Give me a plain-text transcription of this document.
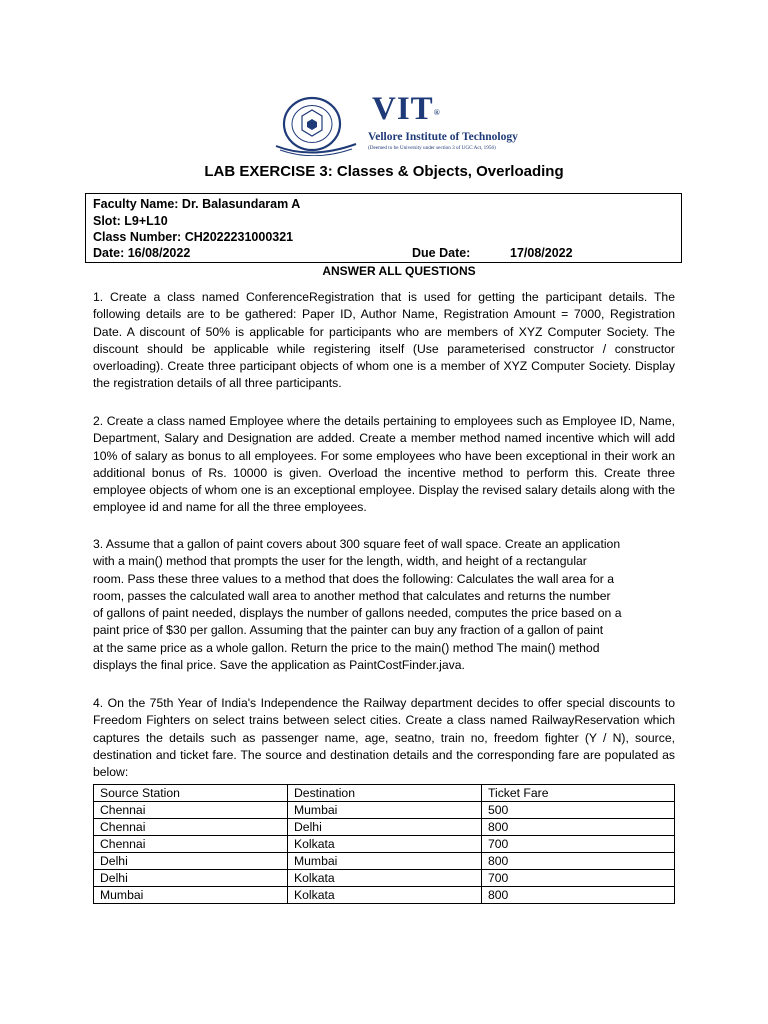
VIT®
Vellore Institute of Technology
(Deemed to be University under section 3 of UGC Act, 1956)
LAB EXERCISE 3: Classes & Objects, Overloading
Faculty Name: Dr. Balasundaram A
Slot: L9+L10
Class Number: CH2022231000321
Date: 16/08/2022	Due Date:	17/08/2022
ANSWER ALL QUESTIONS
1. Create a class named ConferenceRegistration that is used for getting the participant details. The following details are to be gathered: Paper ID, Author Name, Registration Amount = 7000, Registration Date. A discount of 50% is applicable for participants who are members of XYZ Computer Society. The discount should be applicable while registering itself (Use parameterised constructor / constructor overloading). Create three participant objects of whom one is a member of XYZ Computer Society. Display the registration details of all three participants.
2. Create a class named Employee where the details pertaining to employees such as Employee ID, Name, Department, Salary and Designation are added. Create a member method named incentive which will add 10% of salary as bonus to all employees. For some employees who have been exceptional in their work an additional bonus of Rs. 10000 is given. Overload the incentive method to perform this. Create three employee objects of whom one is an exceptional employee. Display the revised salary details along with the employee id and name for all the three employees.
3. Assume that a gallon of paint covers about 300 square feet of wall space. Create an application
with a main() method that prompts the user for the length, width, and height of a rectangular
room. Pass these three values to a method that does the following: Calculates the wall area for a
room, passes the calculated wall area to another method that calculates and returns the number
of gallons of paint needed, displays the number of gallons needed, computes the price based on a
paint price of $30 per gallon. Assuming that the painter can buy any fraction of a gallon of paint
at the same price as a whole gallon. Return the price to the main() method The main() method
displays the final price. Save the application as PaintCostFinder.java.
4. On the 75th Year of India's Independence the Railway department decides to offer special discounts to Freedom Fighters on select trains between select cities. Create a class named RailwayReservation which captures the details such as passenger name, age, seatno, train no, freedom fighter (Y / N), source, destination and ticket fare. The source and destination details and the corresponding fare are populated as below:
Source Station	Destination	Ticket Fare
Chennai	Mumbai	500
Chennai	Delhi	800
Chennai	Kolkata	700
Delhi	Mumbai	800
Delhi	Kolkata	700
Mumbai	Kolkata	800
